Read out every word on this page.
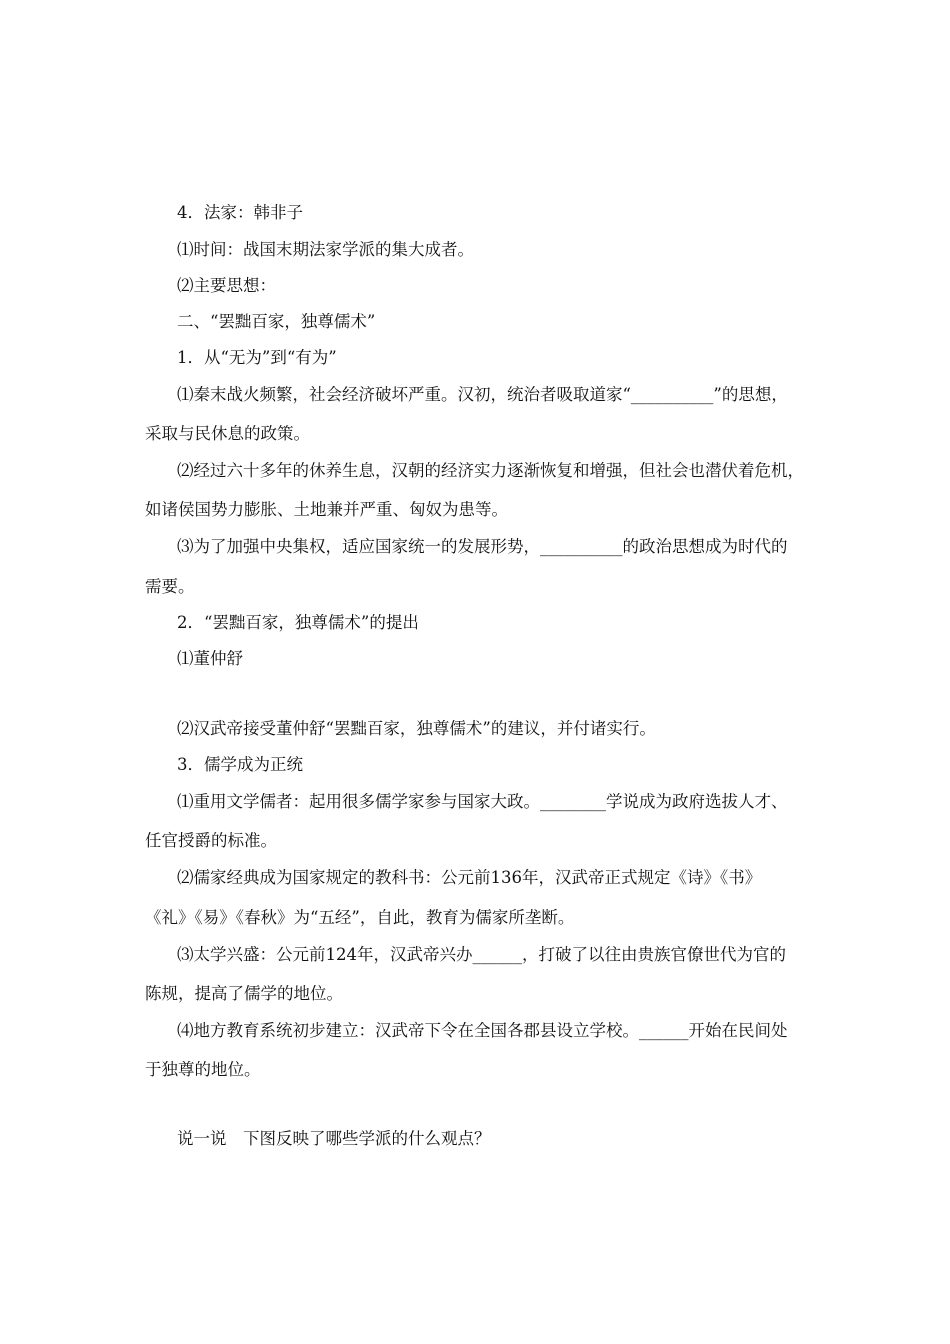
4．法家：韩非子
⑴时间：战国末期法家学派的集大成者。
⑵主要思想：
二、“罢黜百家，独尊儒术”
1．从“无为”到“有为”
⑴秦末战火频繁，社会经济破坏严重。汉初，统治者吸取道家“__________”的思想，
采取与民休息的政策。
⑵经过六十多年的休养生息，汉朝的经济实力逐渐恢复和增强，但社会也潜伏着危机，
如诸侯国势力膨胀、土地兼并严重、匈奴为患等。
⑶为了加强中央集权，适应国家统一的发展形势，__________的政治思想成为时代的
需要。
2．“罢黜百家，独尊儒术”的提出
⑴董仲舒
⑵汉武帝接受董仲舒“罢黜百家，独尊儒术”的建议，并付诸实行。
3．儒学成为正统
⑴重用文学儒者：起用很多儒学家参与国家大政。________学说成为政府选拔人才、
任官授爵的标准。
⑵儒家经典成为国家规定的教科书：公元前136年，汉武帝正式规定《诗》《书》
《礼》《易》《春秋》为“五经”，自此，教育为儒家所垄断。
⑶太学兴盛：公元前124年，汉武帝兴办______，打破了以往由贵族官僚世代为官的
陈规，提高了儒学的地位。
⑷地方教育系统初步建立：汉武帝下令在全国各郡县设立学校。______开始在民间处
于独尊的地位。
说一说　下图反映了哪些学派的什么观点？
